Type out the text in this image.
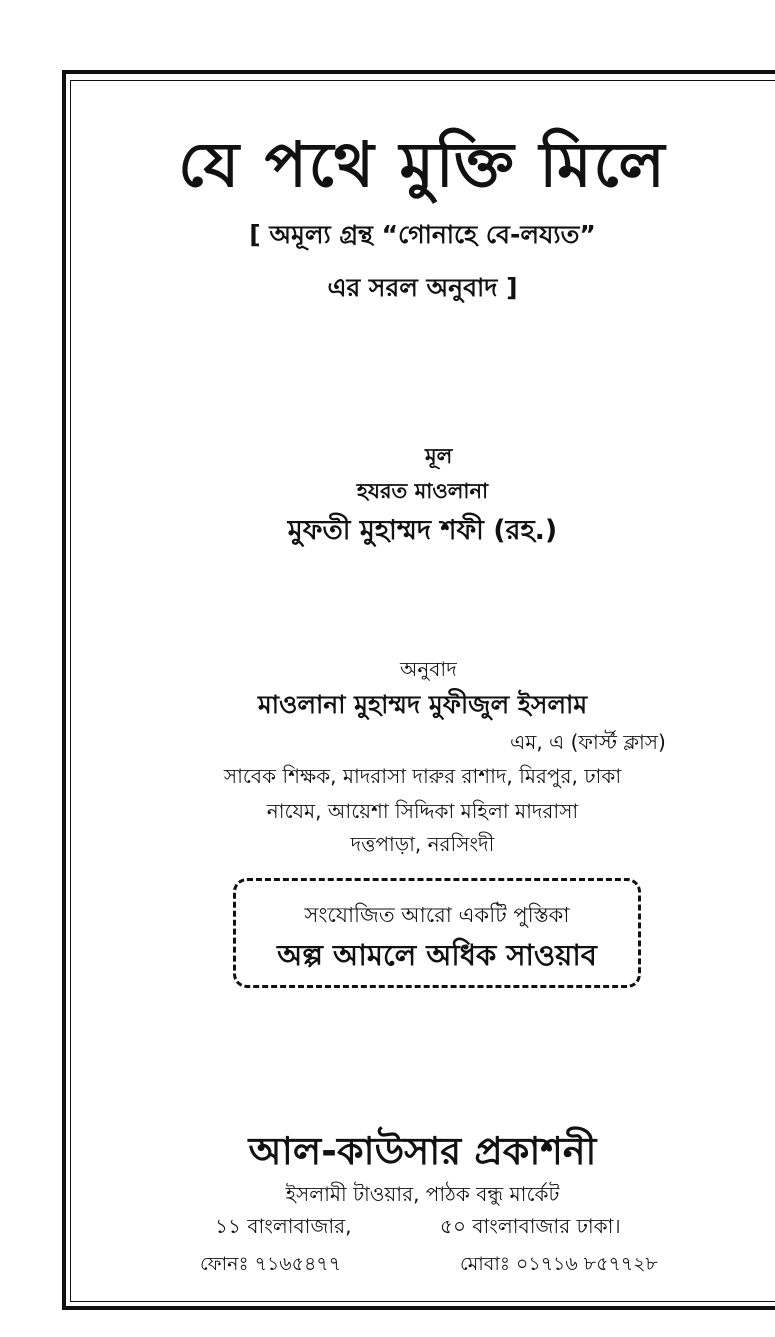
যে পথে মুক্তি মিলে
[ অমূল্য গ্রন্থ “গোনাহে বে-লয্যত”
এর সরল অনুবাদ ]
মূল
হযরত মাওলানা
মুফতী মুহাম্মদ শফী (রহ.)
অনুবাদ
মাওলানা মুহাম্মদ মুফীজুল ইসলাম
এম, এ (ফার্স্ট ক্লাস)
সাবেক শিক্ষক, মাদরাসা দারুর রাশাদ, মিরপুর, ঢাকা
নাযেম, আয়েশা সিদ্দিকা মহিলা মাদরাসা
দত্তপাড়া, নরসিংদী
সংযোজিত আরো একটি পুস্তিকা
অল্প আমলে অধিক সাওয়াব
আল-কাউসার প্রকাশনী
ইসলামী টাওয়ার, পাঠক বন্ধু মার্কেট
১১ বাংলাবাজার,	৫০ বাংলাবাজার ঢাকা।
ফোনঃ ৭১৬৫৪৭৭	মোবাঃ ০১৭১৬ ৮৫৭৭২৮
